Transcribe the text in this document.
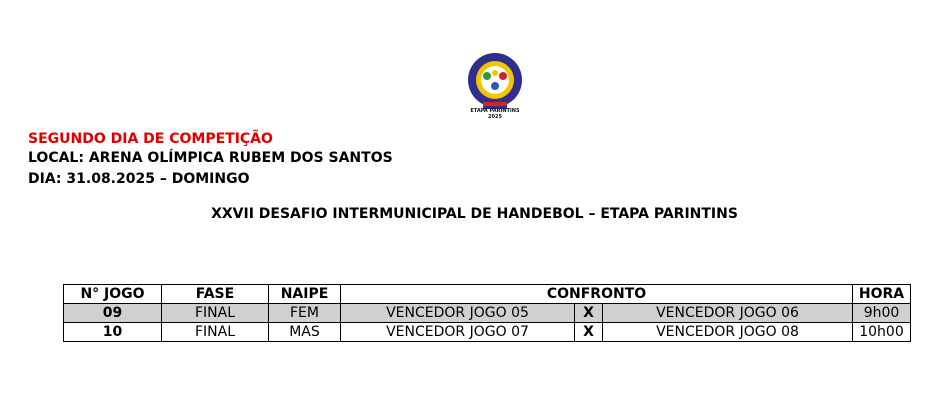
ETAPA PARINTINS
2025
SEGUNDO DIA DE COMPETIÇÃO
LOCAL: ARENA OLÍMPICA RUBEM DOS SANTOS
DIA: 31.08.2025 – DOMINGO
XXVII DESAFIO INTERMUNICIPAL DE HANDEBOL – ETAPA PARINTINS
N° JOGO	FASE	NAIPE	CONFRONTO			HORA
09	FINAL	FEM	VENCEDOR JOGO 05	X	VENCEDOR JOGO 06	9h00
10	FINAL	MAS	VENCEDOR JOGO 07	X	VENCEDOR JOGO 08	10h00
